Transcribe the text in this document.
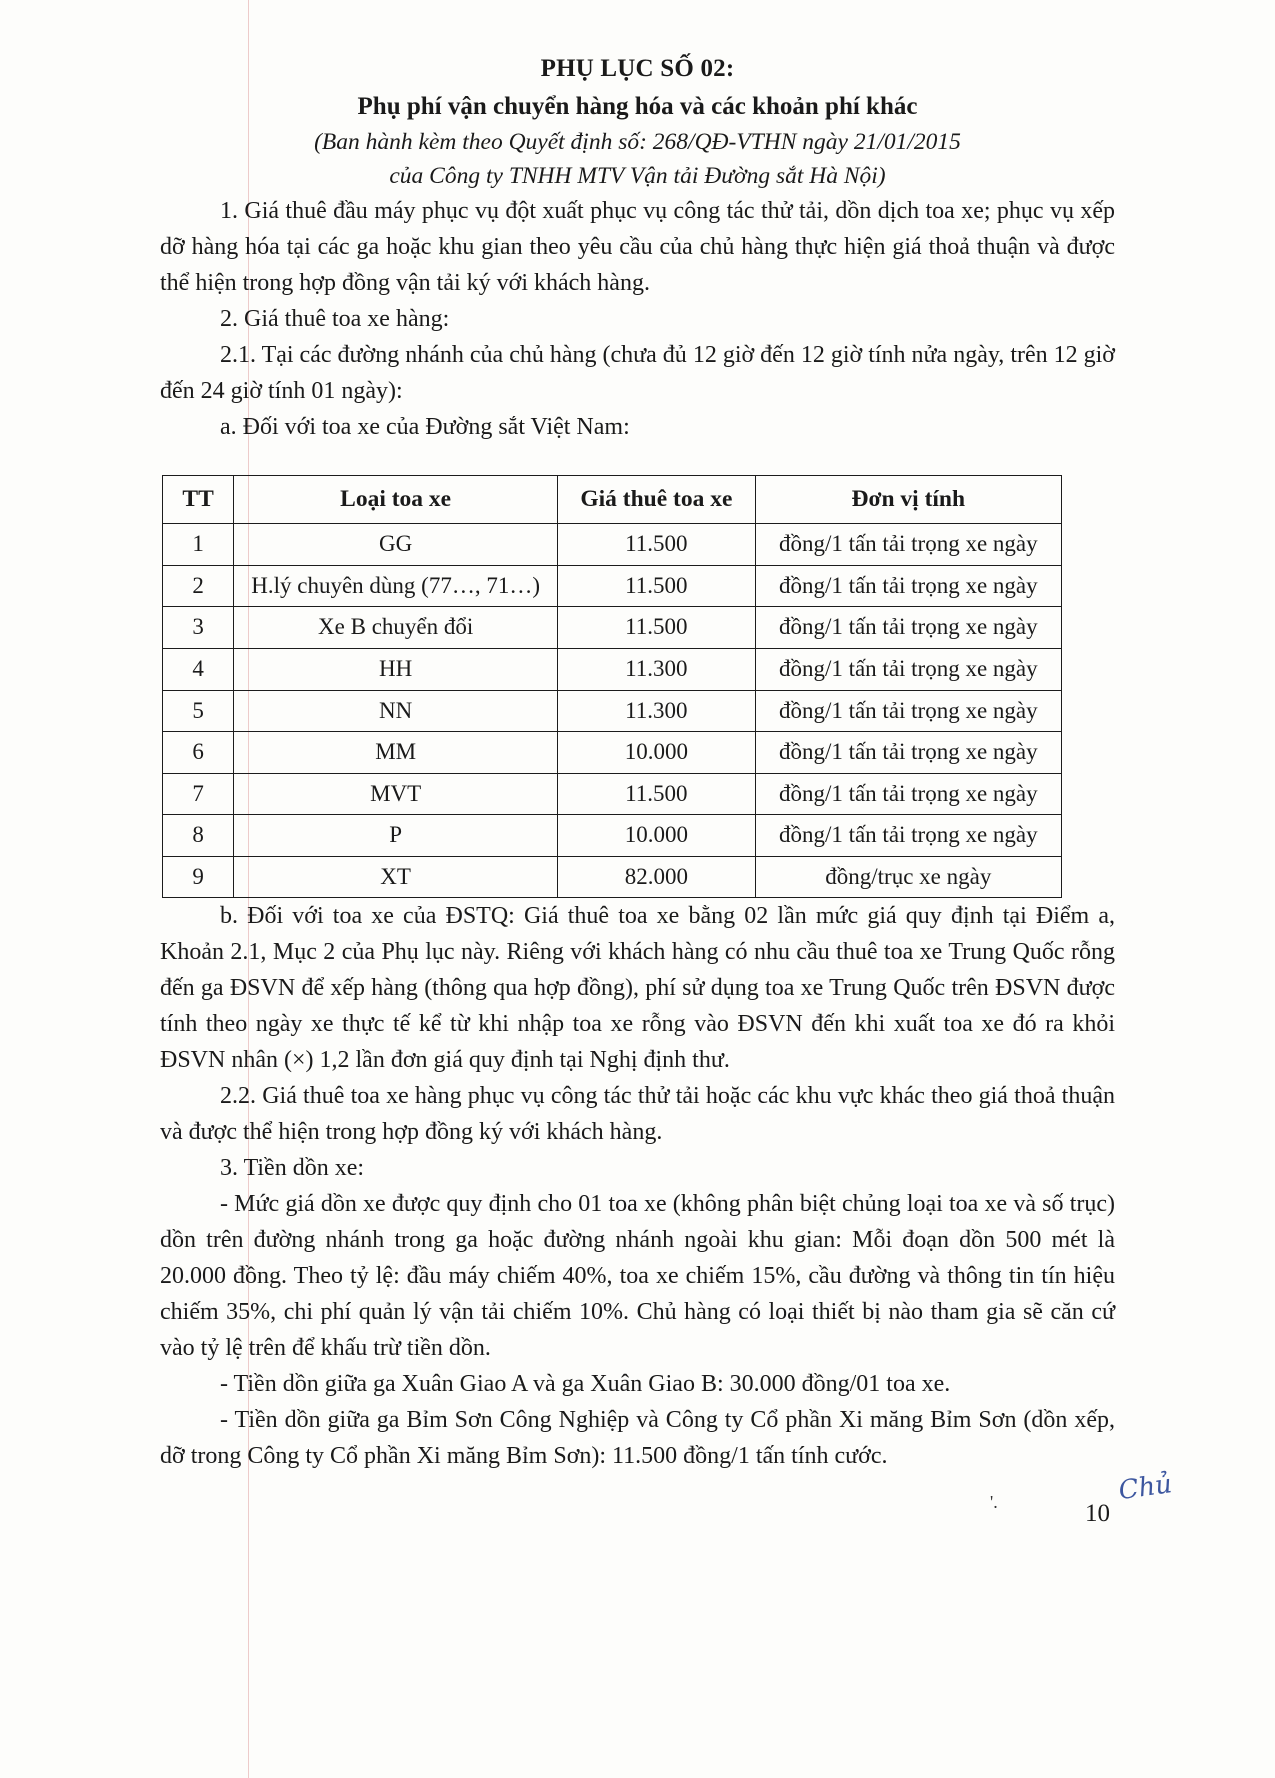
PHỤ LỤC SỐ 02:
Phụ phí vận chuyển hàng hóa và các khoản phí khác
(Ban hành kèm theo Quyết định số: 268/QĐ-VTHN ngày 21/01/2015
của Công ty TNHH MTV Vận tải Đường sắt Hà Nội)

1. Giá thuê đầu máy phục vụ đột xuất phục vụ công tác thử tải, dồn dịch toa xe; phục vụ xếp dỡ hàng hóa tại các ga hoặc khu gian theo yêu cầu của chủ hàng thực hiện giá thoả thuận và được thể hiện trong hợp đồng vận tải ký với khách hàng.

2. Giá thuê toa xe hàng:

2.1. Tại các đường nhánh của chủ hàng (chưa đủ 12 giờ đến 12 giờ tính nửa ngày, trên 12 giờ đến 24 giờ tính 01 ngày):

a. Đối với toa xe của Đường sắt Việt Nam:

TT	Loại toa xe	Giá thuê toa xe	Đơn vị tính
1	GG	11.500	đồng/1 tấn tải trọng xe ngày
2	H.lý chuyên dùng (77…, 71…)	11.500	đồng/1 tấn tải trọng xe ngày
3	Xe B chuyển đổi	11.500	đồng/1 tấn tải trọng xe ngày
4	HH	11.300	đồng/1 tấn tải trọng xe ngày
5	NN	11.300	đồng/1 tấn tải trọng xe ngày
6	MM	10.000	đồng/1 tấn tải trọng xe ngày
7	MVT	11.500	đồng/1 tấn tải trọng xe ngày
8	P	10.000	đồng/1 tấn tải trọng xe ngày
9	XT	82.000	đồng/trục xe ngày

b. Đối với toa xe của ĐSTQ: Giá thuê toa xe bằng 02 lần mức giá quy định tại Điểm a, Khoản 2.1, Mục 2 của Phụ lục này. Riêng với khách hàng có nhu cầu thuê toa xe Trung Quốc rỗng đến ga ĐSVN để xếp hàng (thông qua hợp đồng), phí sử dụng toa xe Trung Quốc trên ĐSVN được tính theo ngày xe thực tế kể từ khi nhập toa xe rỗng vào ĐSVN đến khi xuất toa xe đó ra khỏi ĐSVN nhân (×) 1,2 lần đơn giá quy định tại Nghị định thư.

2.2. Giá thuê toa xe hàng phục vụ công tác thử tải hoặc các khu vực khác theo giá thoả thuận và được thể hiện trong hợp đồng ký với khách hàng.

3. Tiền dồn xe:

- Mức giá dồn xe được quy định cho 01 toa xe (không phân biệt chủng loại toa xe và số trục) dồn trên đường nhánh trong ga hoặc đường nhánh ngoài khu gian: Mỗi đoạn dồn 500 mét là 20.000 đồng. Theo tỷ lệ: đầu máy chiếm 40%, toa xe chiếm 15%, cầu đường và thông tin tín hiệu chiếm 35%, chi phí quản lý vận tải chiếm 10%. Chủ hàng có loại thiết bị nào tham gia sẽ căn cứ vào tỷ lệ trên để khấu trừ tiền dồn.

- Tiền dồn giữa ga Xuân Giao A và ga Xuân Giao B: 30.000 đồng/01 toa xe.

- Tiền dồn giữa ga Bỉm Sơn Công Nghiệp và Công ty Cổ phần Xi măng Bỉm Sơn (dồn xếp, dỡ trong Công ty Cổ phần Xi măng Bỉm Sơn): 11.500 đồng/1 tấn tính cước.

'.	10
Chủ
